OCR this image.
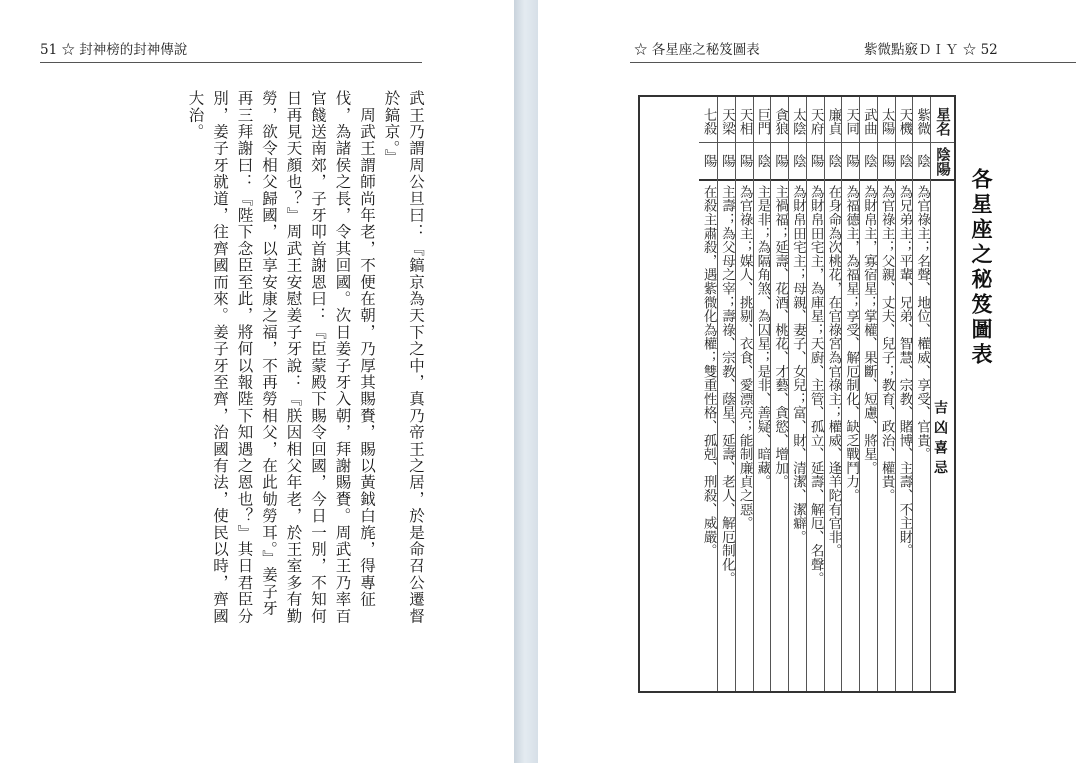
51 ☆ 封神榜的封神傳說

武王乃謂周公旦曰：『鎬京為天下之中，真乃帝王之居，於是命召公遷督於鎬京。』

　周武王謂師尚年老，不便在朝，乃厚其賜賚，賜以黃鉞白旄，得專征伐，為諸侯之長，令其回國。次日姜子牙入朝，拜謝賜賚。周武王乃率百官餞送南郊，子牙叩首謝恩曰：『臣蒙殿下賜令回國，今日一別，不知何日再見天顏也？』周武王安慰姜子牙說：『朕因相父年老，於王室多有勤勞，欲令相父歸國，以享安康之福，不再勞相父，在此劬勞耳。』姜子牙再三拜謝曰：『陛下念臣至此，將何以報陛下知遇之恩也？』其日君臣分別，姜子牙就道，往齊國而來。姜子牙至齊，治國有法，使民以時，齊國大治。

☆ 各星座之秘笈圖表	紫微點竅ＤＩＹ ☆ 52
星名
陰陽
紫微
陰
為官祿主；名聲、地位、權威、享受、官貴。
天機
陰
為兄弟主；平輩、兄弟、智慧、宗教、賭博、主壽、不主財。
太陽
陽
為官祿主；父親、丈夫、兒子；教育、政治、權貴。
武曲
陰
為財帛主，寡宿星；掌權、果斷、短慮、將星。
天同
陽
為福德主，為福星；享受、解厄制化、缺乏戰鬥力。
廉貞
陰
在身命為次桃花，在官祿宮為官祿主；權威、逢羊陀有官非。
天府
陽
為財帛田宅主，為庫星；天廚、主管、孤立、延壽、解厄、名聲。
太陰
陰
為財帛田宅主；母親、妻子、女兒；富、財、清潔、潔癖。
貪狼
陽
主禍福；延壽、花酒、桃花、才藝、貪慾、增加。
巨門
陰
主是非；為隔角煞、為囚星；是非、善疑、暗藏。
天相
陽
為官祿主；媒人、挑剔、衣食、愛漂亮；能制廉貞之惡。
天梁
陽
主壽；為父母之宰；壽祿、宗教、蔭星、延壽、老人、解厄制化。
七殺
陽
在殺主肅殺，遇紫微化為權；雙重性格、孤剋、刑殺、威嚴。	各星座之秘笈圖表
吉凶喜忌
